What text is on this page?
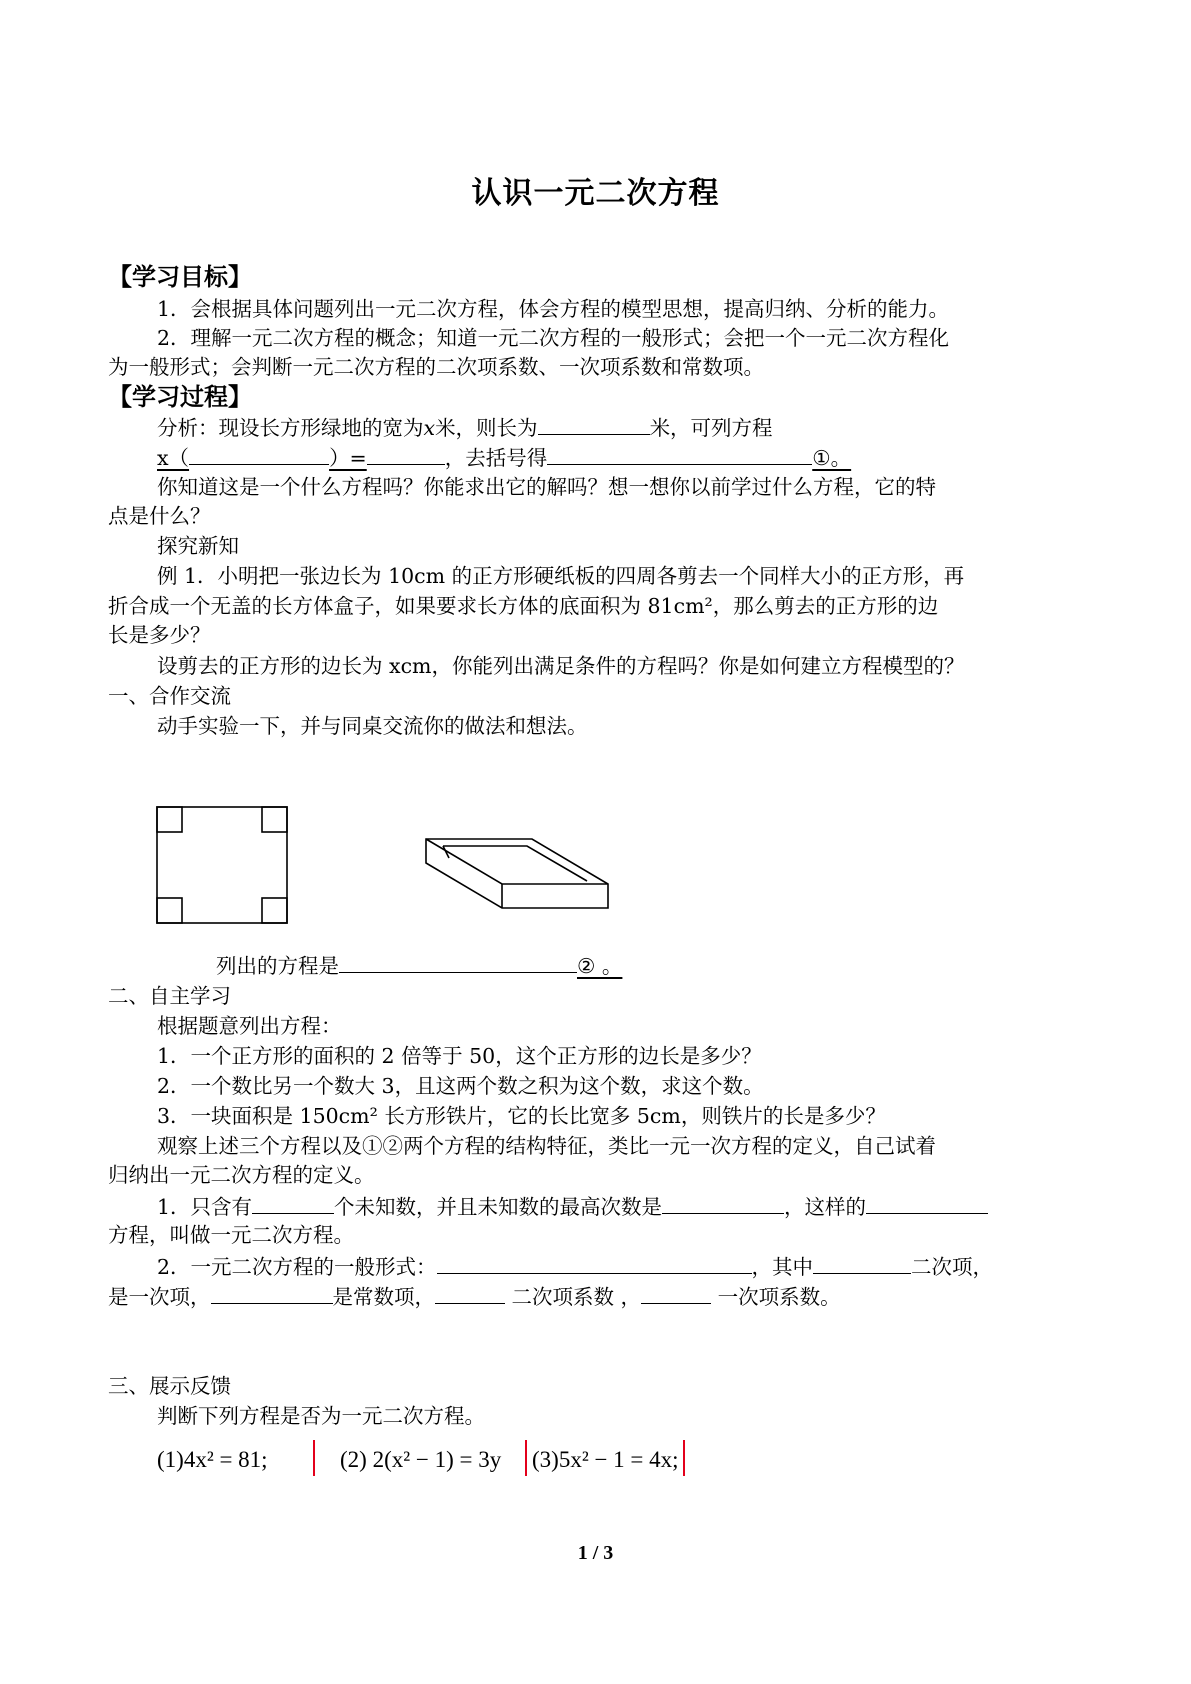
认识一元二次方程
【学习目标】
1．会根据具体问题列出一元二次方程，体会方程的模型思想，提高归纳、分析的能力。
2．理解一元二次方程的概念；知道一元二次方程的一般形式；会把一个一元二次方程化
为一般形式；会判断一元二次方程的二次项系数、一次项系数和常数项。
【学习过程】
分析：现设长方形绿地的宽为x米，则长为	米，可列方程
x（	）=	，去括号得	①。
你知道这是一个什么方程吗？你能求出它的解吗？想一想你以前学过什么方程，它的特
点是什么？
探究新知
例 1．小明把一张边长为 10cm 的正方形硬纸板的四周各剪去一个同样大小的正方形，再
折合成一个无盖的长方体盒子，如果要求长方体的底面积为 81cm²，那么剪去的正方形的边
长是多少？
设剪去的正方形的边长为 xcm，你能列出满足条件的方程吗？你是如何建立方程模型的？
一、合作交流
动手实验一下，并与同桌交流你的做法和想法。
列出的方程是	② 。
二、自主学习
根据题意列出方程：
1．一个正方形的面积的 2 倍等于 50，这个正方形的边长是多少？
2．一个数比另一个数大 3，且这两个数之积为这个数，求这个数。
3．一块面积是 150cm² 长方形铁片，它的长比宽多 5cm，则铁片的长是多少？
观察上述三个方程以及①②两个方程的结构特征，类比一元一次方程的定义，自己试着
归纳出一元二次方程的定义。
1．只含有	个未知数，并且未知数的最高次数是	，这样的
方程，叫做一元二次方程。
2．一元二次方程的一般形式：	，其中	二次项，
是一次项，	是常数项，	二次项系数 ，	一次项系数。
三、展示反馈
判断下列方程是否为一元二次方程。
(1)4x² = 81;	(2) 2(x² − 1) = 3y (3)5x² − 1 = 4x;
1 / 3
